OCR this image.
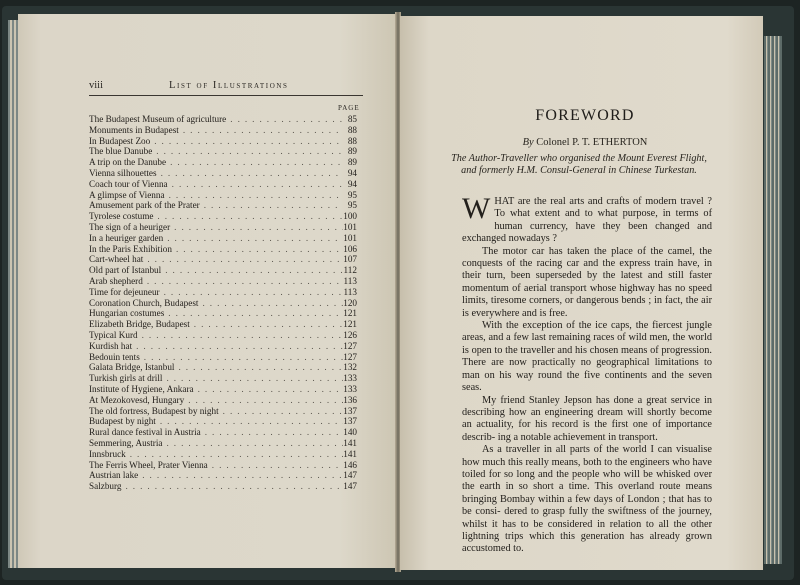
viii	List of Illustrations
PAGE
The Budapest Museum of agriculture .....	85
Monuments in Budapest .....	88
In Budapest Zoo .....	88
The blue Danube .....	89
A trip on the Danube .....	89
Vienna silhouettes .....	94
Coach tour of Vienna .....	94
A glimpse of Vienna .....	95
Amusement park of the Prater .....	95
Tyrolese costume .....	100
The sign of a heuriger .....	101
In a heuriger garden .....	101
In the Paris Exhibition .....	106
Cart-wheel hat .....	107
Old part of Istanbul .....	112
Arab shepherd .....	113
Time for dejeuneur .....	113
Coronation Church, Budapest .....	120
Hungarian costumes .....	121
Elizabeth Bridge, Budapest .....	121
Typical Kurd .....	126
Kurdish hat .....	127
Bedouin tents .....	127
Galata Bridge, Istanbul .....	132
Turkish girls at drill .....	133
Institute of Hygiene, Ankara .....	133
At Mezokovesd, Hungary .....	136
The old fortress, Budapest by night .....	137
Budapest by night .....	137
Rural dance festival in Austria .....	140
Semmering, Austria .....	141
Innsbruck .....	141
The Ferris Wheel, Prater Vienna .....	146
Austrian lake .....	147
Salzburg .....	147
FOREWORD
By Colonel P. T. ETHERTON
The Author-Traveller who organised the Mount Everest Flight, and formerly H.M. Consul-General in Chinese Turkestan.

WHAT are the real arts and crafts of modern travel ? To what extent and to what purpose, in terms of human currency, have they been changed and exchanged nowadays ?

The motor car has taken the place of the camel, the conquests of the racing car and the express train have, in their turn, been superseded by the latest and still faster momentum of aerial transport whose highway has no speed limits, tiresome corners, or dangerous bends ; in fact, the air is everywhere and is free.

With the exception of the ice caps, the fiercest jungle areas, and a few last remaining races of wild men, the world is open to the traveller and his chosen means of progression. There are now practically no geographical limitations to man on his way round the five continents and the seven seas.

My friend Stanley Jepson has done a great service in describing how an engineering dream will shortly become an actuality, for his record is the first one of importance describ- ing a notable achievement in transport.

As a traveller in all parts of the world I can visualise how much this really means, both to the engineers who have toiled for so long and the people who will be whisked over the earth in so short a time. This overland route means bringing Bombay within a few days of London ; that has to be consi- dered to grasp fully the swiftness of the journey, whilst it has to be considered in relation to all the other lightning trips which this generation has already grown accustomed to.
